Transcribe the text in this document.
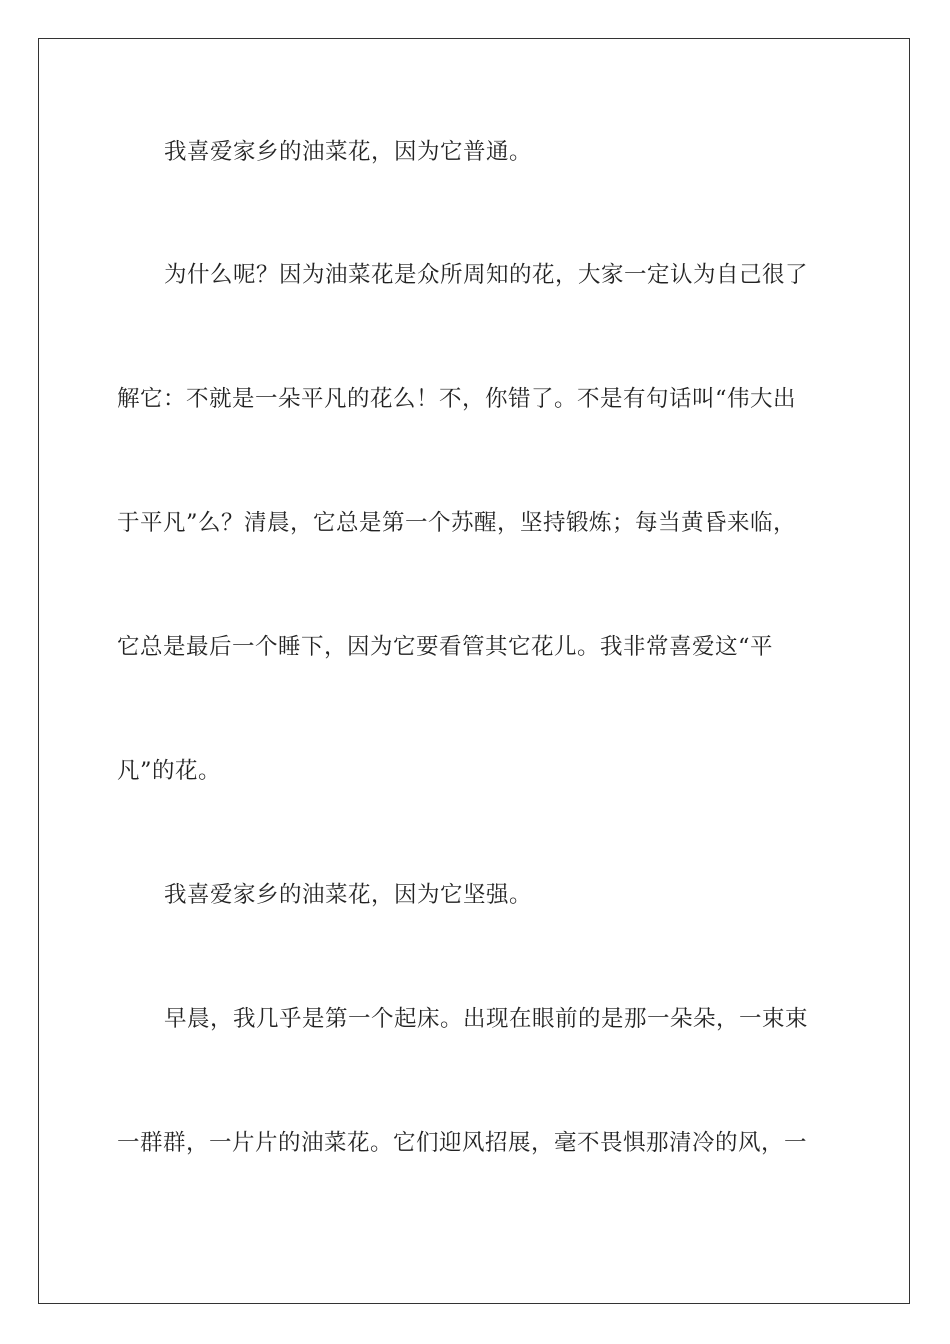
我喜爱家乡的油菜花，因为它普通。
为什么呢？因为油菜花是众所周知的花，大家一定认为自己很了
解它：不就是一朵平凡的花么！不，你错了。不是有句话叫“伟大出
于平凡”么？清晨，它总是第一个苏醒，坚持锻炼；每当黄昏来临，
它总是最后一个睡下，因为它要看管其它花儿。我非常喜爱这“平
凡”的花。
我喜爱家乡的油菜花，因为它坚强。
早晨，我几乎是第一个起床。出现在眼前的是那一朵朵，一束束
一群群，一片片的油菜花。它们迎风招展，毫不畏惧那清冷的风，一
